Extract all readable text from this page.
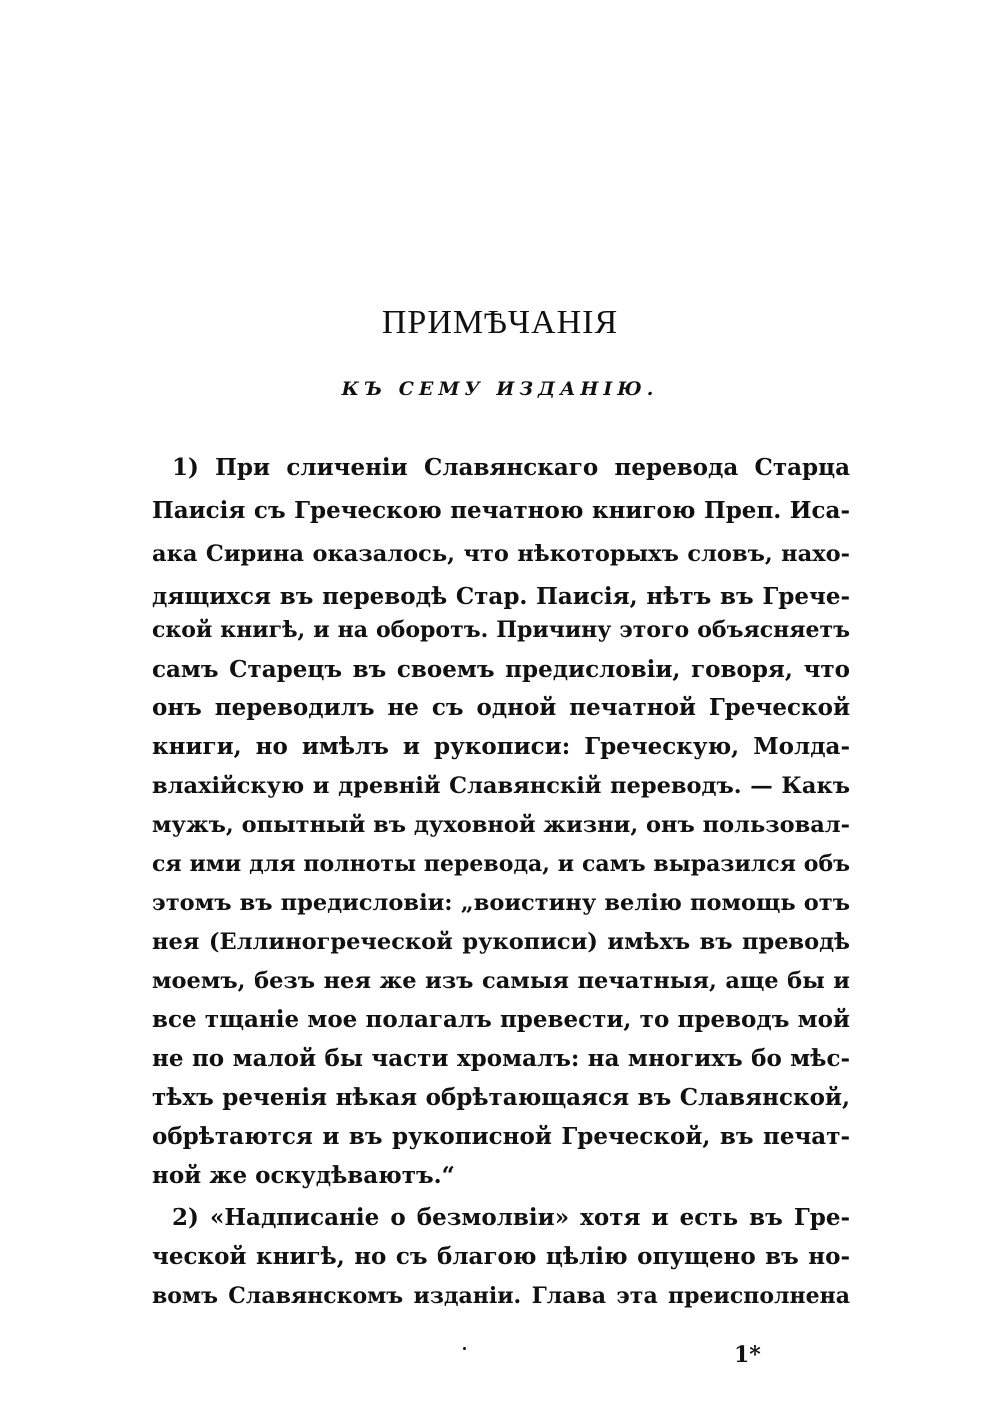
ПРИМѢЧАНІЯ
КЪ СЕМУ ИЗДАНІЮ.
1) При сличеніи Славянскаго перевода Старца
Паисія съ Греческою печатною книгою Преп. Иса-
aка Сирина оказалось, что нѣкоторыхъ словъ, нахо-
дящихся въ переводѣ Стар. Паисія, нѣтъ въ Грече-
ской книгѣ, и на оборотъ. Причину этого объясняетъ
самъ Старецъ въ своемъ предисловіи, говоря, что
онъ переводилъ не съ одной печатной Греческой
книги, но имѣлъ и рукописи: Греческую, Молда-
влахійскую и древній Славянскій переводъ. — Какъ
мужъ, опытный въ духовной жизни, онъ пользовал-
ся ими для полноты перевода, и самъ выразился объ
этомъ въ предисловіи: „воистину велію помощь отъ
нея (Еллиногреческой рукописи) имѣхъ въ преводѣ
моемъ, безъ нея же изъ самыя печатныя, аще бы и
все тщаніе мое полагалъ превести, то преводъ мой
не по малой бы части хромалъ: на многихъ бо мѣс-
тѣхъ реченія нѣкая обрѣтающаяся въ Славянской,
обрѣтаются и въ рукописной Греческой, въ печат-
ной же оскудѣваютъ.“
2) «Надписаніе о безмолвіи» хотя и есть въ Гре-
ческой книгѣ, но съ благою цѣлію опущено въ но-
вомъ Славянскомъ изданіи. Глава эта преисполнена
1*
